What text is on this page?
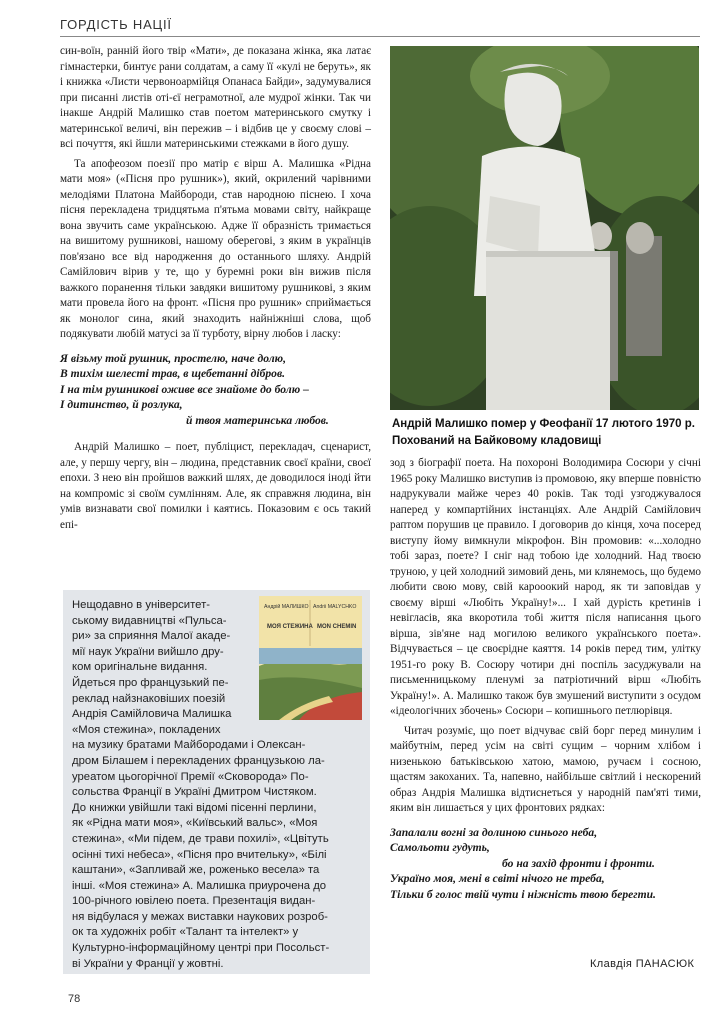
ГОРДІСТЬ НАЦІЇ

син-воїн, ранній його твір «Мати», де показана жінка, яка латає гімнастерки, бинтує рани солдатам, а саму її «кулі не беруть», як і книжка «Листи червоноармійця Опанаса Байди», задумувалися при писанні листів оті-єї неграмотної, але мудрої жінки. Так чи інакше Андрій Малишко став поетом материнського смутку і материнської величі, він пережив – і відбив це у своєму слові – всі почуття, які йшли материнськими стежками в його душу.

Та апофеозом поезії про матір є вірш А. Малишка «Рідна мати моя» («Пісня про рушник»), який, окрилений чарівними мелодіями Платона Майбороди, став народною піснею. І хоча пісня перекладена тридцятьма п'ятьма мовами світу, найкраще вона звучить саме українською. Адже її образність тримається на вишитому рушникові, нашому оберегові, з яким в українців пов'язано все від народження до останнього шляху. Андрій Самійлович вірив у те, що у буремні роки він вижив після важкого поранення тільки завдяки вишитому рушникові, з яким мати провела його на фронт. «Пісня про рушник» сприймається як монолог сина, який знаходить найніжніші слова, щоб подякувати любій матусі за її турботу, вірну любов і ласку:

Я візьму той рушник, простелю, наче долю,
В тихім шелесті трав, в щебетанні дібров.
І на тім рушникові оживе все знайоме до болю –
І дитинство, й розлука,
й твоя материнська любов.

Андрій Малишко – поет, публіцист, перекладач, сценарист, але, у першу чергу, він – людина, представник своєї країни, своєї епохи. З нею він пройшов важкий шлях, де доводилося іноді йти на компроміс зі своїм сумлінням. Але, як справжня людина, він умів визнавати свої помилки і каятись. Показовим є ось такий епі-

Андрій Малишко помер у Феофанії 17 лютого 1970 р. Похований на Байковому кладовищі

зод з біографії поета. На похороні Володимира Сосюри у січні 1965 року Малишко виступив із промовою, яку вперше повністю надрукували майже через 40 років. Так тоді узгоджувалося наперед у компартійних інстанціях. Але Андрій Самійлович раптом порушив це правило. І договорив до кінця, хоча посеред виступу йому вимкнули мікрофон. Він промовив: «...холодно тобі зараз, поете? І сніг над тобою іде холодний. Над твоєю труною, у цей холодний зимовий день, ми клянемось, що будемо любити свою мову, свій карооокий народ, як ти заповідав у своєму вірші «Любіть Україну!»... І хай дурість кретинів і невігласів, яка вкоротила тобі життя після написання цього вірша, зів'яне над могилою великого українського поета». Відчувається – це своєрідне каяття. 14 років перед тим, улітку 1951-го року В. Сосюру чотири дні поспіль засуджували на письменницькому пленумі за патріотичний вірш «Любіть Україну!». А. Малишко також був змушений виступити з осудом «ідеологічних збочень» Сосюри – копишнього петлюрівця.

Читач розуміє, що поет відчуває свій борг перед минулим і майбутнім, перед усім на світі сущим – чорним хлібом і низенькою батьківською хатою, мамою, ручаєм і сосною, щастям закоханих. Та, напевно, найбільше світлий і нескорений образ Андрія Малишка відтиснеться у народній пам'яті тими, яким він лишається у цих фронтових рядках:

Запалали вогні за долиною синього неба,
Самольоти гудуть,
бо на захід фронти і фронти.
Україно моя, мені в світі нічого не треба,
Тільки б голос твій чути і ніжність твою берегти.
Андрій МАЛИШКО Andrii MALYCHKO
МОЯ СТЕЖИНА MON CHEMIN
Нещодавно в університет-
ському видавництві «Пульса-
ри» за сприяння Малої акаде-
мії наук України вийшло дру-
ком оригінальне видання.
Йдеться про французький пе-
реклад найзнаковіших поезій
Андрія Самійловича Малишка
«Моя стежина», покладених
на музику братами Майбородами і Олексан-
дром Білашем і перекладених французькою ла-
уреатом цьогорічної Премії «Сковорода» По-
сольства Франції в Україні Дмитром Чистяком.
До книжки увійшли такі відомі пісенні перлини,
як «Рідна мати моя», «Київський вальс», «Моя
стежина», «Ми підем, де трави похилі», «Цвітуть
осінні тихі небеса», «Пісня про вчительку», «Білі
каштани», «Запливай же, роженько весела» та
інші. «Моя стежина» А. Малишка приурочена до
100-річного ювілею поета. Презентація видан-
ня відбулася у межах виставки наукових розроб-
ок та художніх робіт «Талант та інтелект» у
Культурно-інформаційному центрі при Посольст-
ві України у Франції у жовтні.	Клавдія ПАНАСЮК
78
